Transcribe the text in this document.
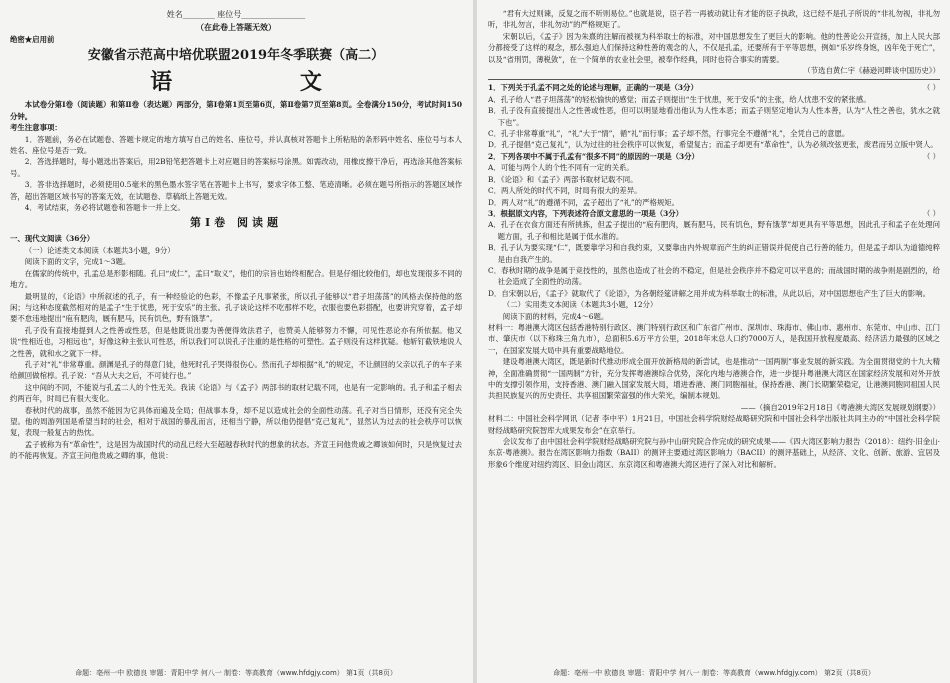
姓名________ 座位号________________

（在此卷上答题无效）

绝密★启用前

安徽省示范高中培优联盟2019年冬季联赛（高二）

语 文

本试卷分第Ⅰ卷（阅读题）和第Ⅱ卷（表达题）两部分，第Ⅰ卷第1页至第6页，第Ⅱ卷第7页至第8页。全卷满分150分，考试时间150分钟。

考生注意事项：

1．答题前，务必在试题卷、答题卡规定的地方填写自己的姓名、座位号，并认真核对答题卡上所粘贴的条形码中姓名、座位号与本人姓名、座位号是否一致。

2．答选择题时，每小题选出答案后，用2B铅笔把答题卡上对应题目的答案标号涂黑。如需改动，用橡皮擦干净后，再选涂其他答案标号。

3．答非选择题时，必须使用0.5毫米的黑色墨水签字笔在答题卡上书写，要求字体工整、笔迹清晰。必须在题号所指示的答题区域作答，超出答题区域书写的答案无效，在试题卷、草稿纸上答题无效。

4．考试结束，务必将试题卷和答题卡一并上交。

第Ⅰ卷 阅读题

一、现代文阅读（36分）

（一）论述类文本阅读（本题共3小题，9分）

阅读下面的文字，完成1～3题。

在儒家的传统中，孔孟总是形影相随。孔曰“成仁”，孟曰“取义”，他们的宗旨也始终相配合。但是仔细比较他们，却也发现很多不同的地方。

最明显的，《论语》中所叙述的孔子，有一种经验论的色彩，不像孟子凡事紧张，所以孔子能够以“君子坦荡荡”的风格去保持他的悠闲；与这种态度截然相对的是孟子“生于忧患，死于安乐”的主张。孔子谈论这样不吃那样不吃，衣服也要色彩搭配，也要讲究穿着，孟子却要不怠违地提出“庖有肥肉，厩有肥马，民有饥色，野有饿莩”。

孔子没有直接地提到人之性善或性恶，但是他既说出要为善便得效法君子，也赞美人能够努力不懈，可见性恶论亦有所依据。他又说“性相近也，习相远也”，好像这种主张认可性恶，所以我们可以说孔子注重的是性格的可塑性。孟子则没有这样犹疑。他斩钉截铁地说人之性善，就和水之就下一样。

孔子对“礼”非常尊重。颜渊是孔子的得意门徒，他死时孔子哭得很伤心。然而孔子却根据“礼”的规定，不让颜回的父亲以孔子的车子来给颜回做棺椁。孔子说：“吾从大夫之后，不可徒行也。”

这中间的不同，不能说与孔孟二人的个性无关。我读《论语》与《孟子》两部书的取材记载不同，也是有一定影响的。孔子和孟子相去约两百年，时局已有很大变化。

春秋时代的战事，虽然不能因为它具体而遍及全局；但战事本身，却不足以造成社会的全面性动荡。孔子对当日情形，还没有完全失望。他的周游列国是希望当时的社会，相对于战国的暴乱而言，还相当宁静，所以他仍提倡“克己复礼”，显然认为过去的社会秩序可以恢复，表现一般复古的热忱。

孟子被称为有“革命性”，这是因为战国时代的动乱已经大至超越春秋时代的想象的状态。齐宣王问他贵戚之卿该如何时，只是恢复过去的不能再恢复。齐宣王问他贵戚之卿的事，他说：

命题：亳州一中 欧德良 审题：青阳中学 何八一 制卷：等高教育（www.hfdgjy.com） 第1页（共8页）

“君有大过则谏，反复之而不听则易位。”也就是说，臣子若一再被动就让有才能的臣子执政，这已经不是孔子所说的“非礼勿视，非礼勿听，非礼勿言，非礼勿动”的严格规矩了。

宋朝以后，《孟子》因为朱熹的注解而被视为科举取士的标准，对中国思想发生了更巨大的影响。他的性善论公开宣扬，加上人民大部分都接受了这样的观念，那么强迫人们保持这种性善的观念的人，不仅是孔孟，还要所有于平等思想，例如“乐岁终身饱，凶年免于死亡”，以及“省刑罚，薄税敛”，在一个简单的农业社会里，被奉作经典，同时也符合事实的需要。

（节选自黄仁宇《赫逊河畔谈中国历史》）

1．下列关于孔孟不同之处的论述与理解，正确的一项是（3分）	（ ）

A．孔子给人“君子坦荡荡”的轻松愉快的感觉；而孟子则提出“生于忧患，死于安乐”的主张，给人忧患不安的紧张感。

B．孔子没有直接提出人之性善或性恶，但可以明显地看出他认为人性本恶；而孟子则坚定地认为人性本善，认为“人性之善也，犹水之就下也”。

C．孔子非常尊重“礼”，“礼”大于“情”，循“礼”而行事；孟子却不然，行事完全不遵循“礼”，全凭自己的意愿。

D．孔子提倡“克己复礼”，认为过往的社会秩序可以恢复，希望复古；而孟子却更有“革命性”，认为必须改弦更张，废君而另立版中贤人。

2．下列各项中不属于孔孟有“很多不同”的原因的一项是（3分）	（ ）

A．可能与两个人的个性不同有一定的关系。

B．《论语》和《孟子》两部书取材记载不同。

C．两人所处的时代不同，时局有很大的差异。

D．两人对“礼”的遵循不同，孟子超出了“礼”的严格规矩。

3．根据原文内容，下列表述符合原文意思的一项是（3分）	（ ）

A．孔子在衣食方面还有所挑拣，但孟子提出的“庖有肥肉，厩有肥马，民有饥色，野有饿莩”却更具有平等思想，因此孔子和孟子在处理问题方面，孔子和相比是属于低水准的。

B．孔子认为要实现“仁”，既要靠学习和自我约束，又要靠由内外规章而产生的纠正错误并促使自己行善的能力，但是孟子却认为道德纯粹是由自我产生的。

C．春秋时期的战争是属于竞技性的，虽然也造成了社会的不稳定，但是社会秩序并不稳定可以平息的；而战国时期的战争则是剧烈的，给社会造成了全面性的动荡。

D．自宋朝以后，《孟子》就取代了《论语》，为各朝经筵讲解之用并成为科举取士的标准，从此以后，对中国思想也产生了巨大的影响。

（二）实用类文本阅读（本题共3小题，12分）

阅读下面的材料，完成4～6题。

材料一：粤港澳大湾区包括香港特别行政区、澳门特别行政区和广东省广州市、深圳市、珠海市、佛山市、惠州市、东莞市、中山市、江门市、肇庆市（以下称珠三角九市），总面积5.6万平方公里，2018年末总人口约7000万人，是我国开放程度最高、经济活力最强的区域之一，在国家发展大局中具有重要战略地位。

建设粤港澳大湾区，既是新时代推动形成全面开放新格局的新尝试，也是推动“一国两制”事业发展的新实践。为全面贯彻党的十九大精神，全面准确贯彻“一国两制”方针，充分发挥粤港澳综合优势，深化内地与港澳合作，进一步提升粤港澳大湾区在国家经济发展和对外开放中的支撑引领作用，支持香港、澳门融入国家发展大局，增进香港、澳门同胞福祉，保持香港、澳门长期繁荣稳定，让港澳同胞同祖国人民共担民族复兴的历史责任、共享祖国繁荣富强的伟大荣光，编制本规划。

——（摘自2019年2月18日《粤港澳大湾区发展规划纲要》）

材料二：中国社会科学网讯（记者 李中平）1月21日，中国社会科学院财经战略研究院和中国社会科学出版社共同主办的“中国社会科学院财经战略研究院智库大成果发布会”在京举行。

会议发布了由中国社会科学院财经战略研究院与孙中山研究院合作完成的研究成果——《四大湾区影响力报告（2018）：纽约·旧金山·东京·粤港澳》。报告在湾区影响力指数（BAII）的测评主要通过湾区影响力（BACII）的测评基础上，从经济、文化、创新、旅游、宜居及形象6个维度对纽约湾区、旧金山湾区、东京湾区和粤港澳大湾区进行了深入对比和解析。

命题：亳州一中 欧德良 审题：青阳中学 何八一 制卷：等高教育（www.hfdgjy.com） 第2页（共8页）
